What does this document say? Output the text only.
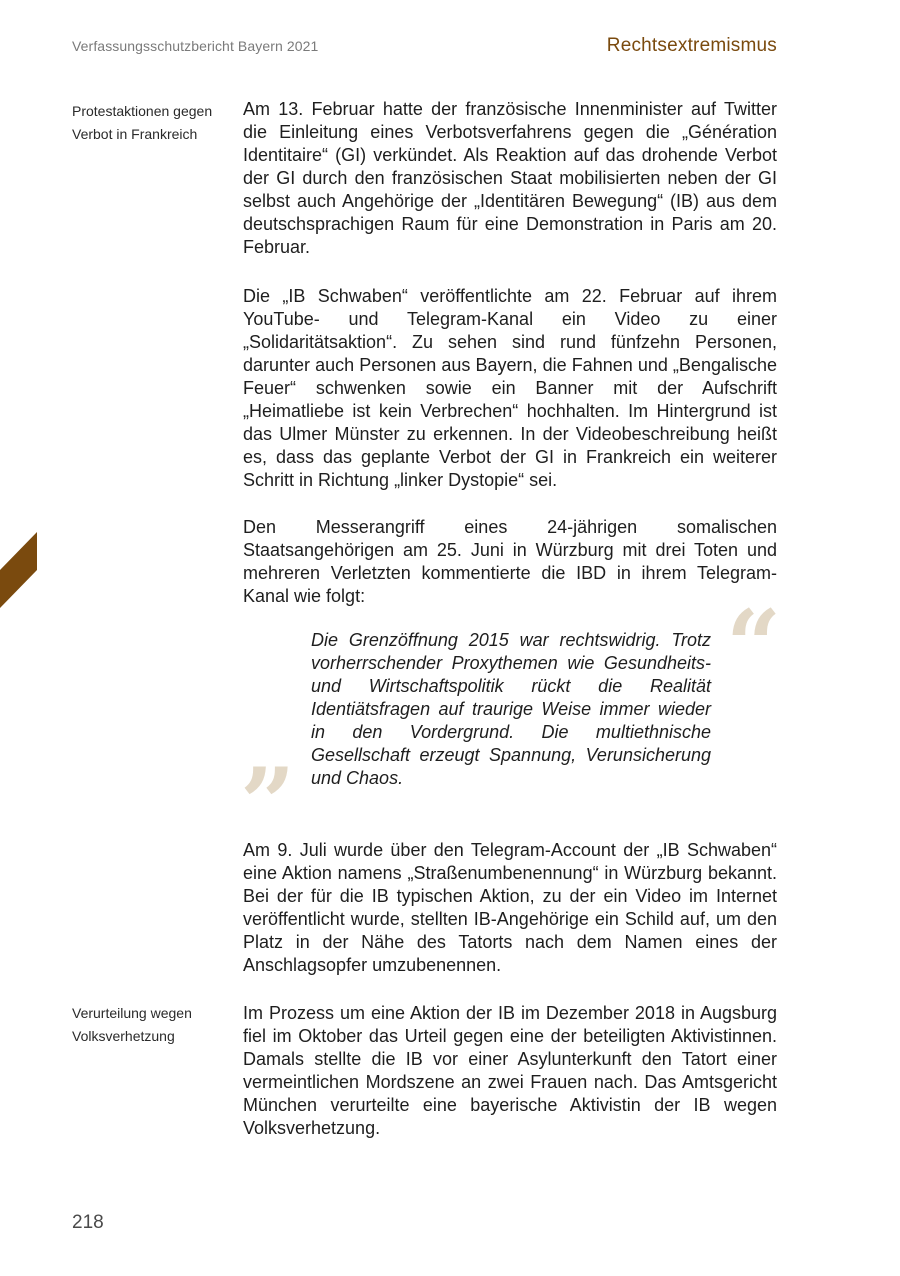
Verfassungsschutzbericht Bayern 2021	Rechtsextremismus
Protestaktionen gegen Verbot in Frankreich
Verurteilung wegen Volksverhetzung

Am 13. Februar hatte der französische Innenminister auf Twitter die Einleitung eines Verbotsverfahrens gegen die „Génération Identitaire“ (GI) verkündet. Als Reaktion auf das drohende Verbot der GI durch den französischen Staat mobilisierten neben der GI selbst auch Angehörige der „Identitären Bewegung“ (IB) aus dem deutschsprachigen Raum für eine Demonstration in Paris am 20. Februar.

Die „IB Schwaben“ veröffentlichte am 22. Februar auf ihrem YouTube- und Telegram-Kanal ein Video zu einer „Solidaritätsaktion“. Zu sehen sind rund fünfzehn Personen, darunter auch Personen aus Bayern, die Fahnen und „Bengalische Feuer“ schwenken sowie ein Banner mit der Aufschrift „Heimatliebe ist kein Verbrechen“ hochhalten. Im Hintergrund ist das Ulmer Münster zu erkennen. In der Videobeschreibung heißt es, dass das geplante Verbot der GI in Frankreich ein weiterer Schritt in Richtung „linker Dystopie“ sei.

Den Messerangriff eines 24-jährigen somalischen Staatsangehörigen am 25. Juni in Würzburg mit drei Toten und mehreren Verletzten kommentierte die IBD in ihrem Telegram-Kanal wie folgt:	“

Die Grenzöffnung 2015 war rechtswidrig. Trotz vorherrschender Proxythemen wie Gesundheits- und Wirtschaftspolitik rückt die Realität Identiätsfragen auf traurige Weise immer wieder in den Vordergrund. Die multiethnische Gesellschaft erzeugt Spannung, Verunsicherung und Chaos.

”

Am 9. Juli wurde über den Telegram-Account der „IB Schwaben“ eine Aktion namens „Straßenumbenennung“ in Würzburg bekannt. Bei der für die IB typischen Aktion, zu der ein Video im Internet veröffentlicht wurde, stellten IB-Angehörige ein Schild auf, um den Platz in der Nähe des Tatorts nach dem Namen eines der Anschlagsopfer umzubenennen.

Im Prozess um eine Aktion der IB im Dezember 2018 in Augsburg fiel im Oktober das Urteil gegen eine der beteiligten Aktivistinnen. Damals stellte die IB vor einer Asylunterkunft den Tatort einer vermeintlichen Mordszene an zwei Frauen nach. Das Amtsgericht München verurteilte eine bayerische Aktivistin der IB wegen Volksverhetzung.

218
